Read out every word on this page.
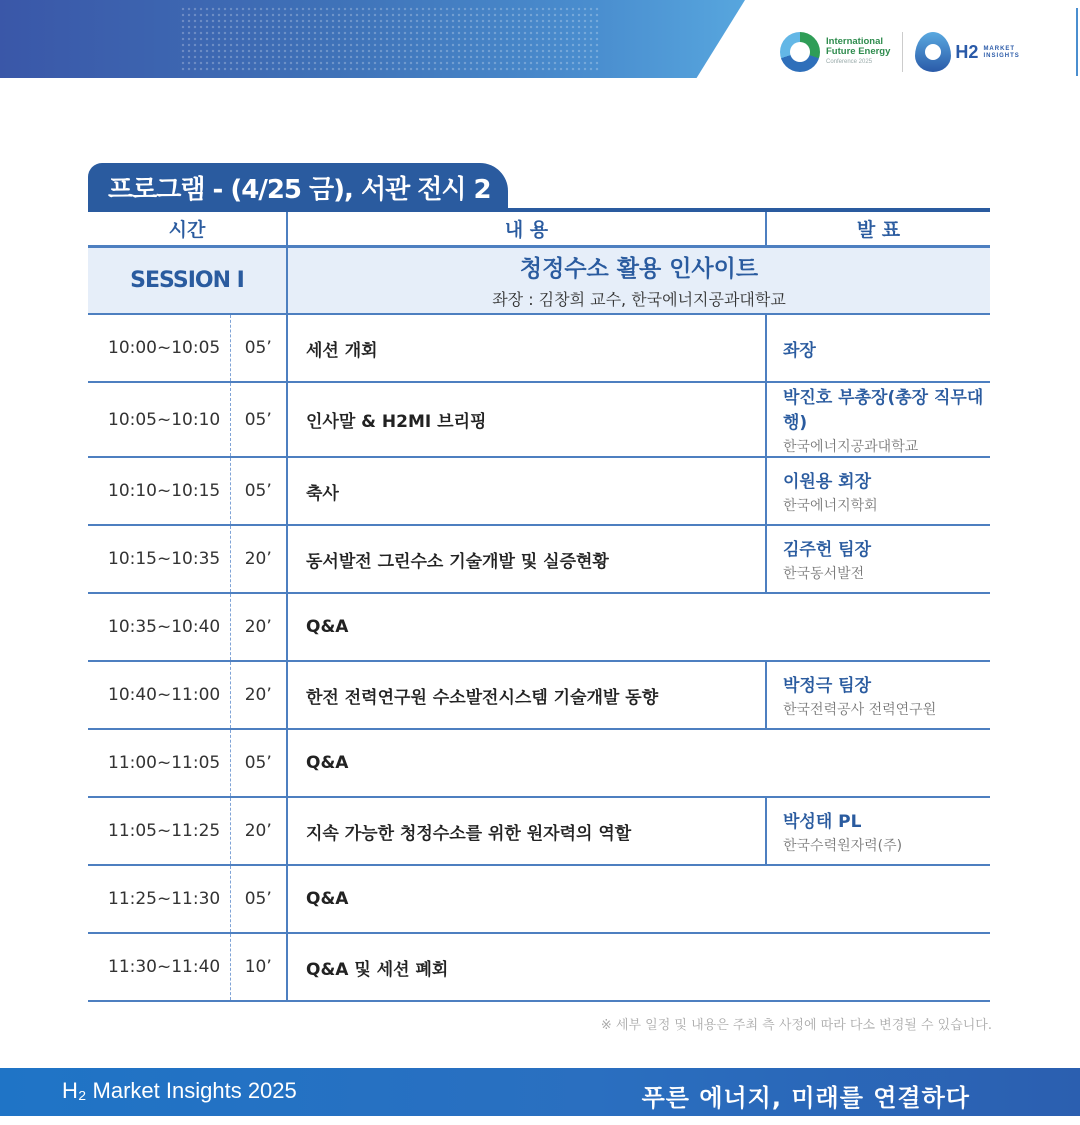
International
Future Energy
Conference 2025
H2 MARKET
INSIGHTS
프로그램 - (4/25 금), 서관 전시 2홀	시간		내 용	발 표
SESSION Ⅰ		청정수소 활용 인사이트
좌장 : 김창희 교수, 한국에너지공과대학교	

10:00~10:05	05’	세션 개회	좌장

10:05~10:10	05’	인사말 & H2MI 브리핑	박진호 부총장(총장 직무대행)
한국에너지공과대학교

10:10~10:15	05’	축사	이원용 회장
한국에너지학회

10:15~10:35	20’	동서발전 그린수소 기술개발 및 실증현황	김주헌 팀장
한국동서발전

10:35~10:40	20’	Q&A	
10:40~11:00	20’	한전 전력연구원 수소발전시스템 기술개발 동향	박정극 팀장
한국전력공사 전력연구원

11:00~11:05	05’	Q&A	
11:05~11:25	20’	지속 가능한 청정수소를 위한 원자력의 역할	박성태 PL
한국수력원자력(주)

11:25~11:30	05’	Q&A	
11:30~11:40	10’	Q&A 및 세션 폐회	
※ 세부 일정 및 내용은 주최 측 사정에 따라 다소 변경될 수 있습니다.
H₂ Market Insights 2025	푸른 에너지, 미래를 연결하다
